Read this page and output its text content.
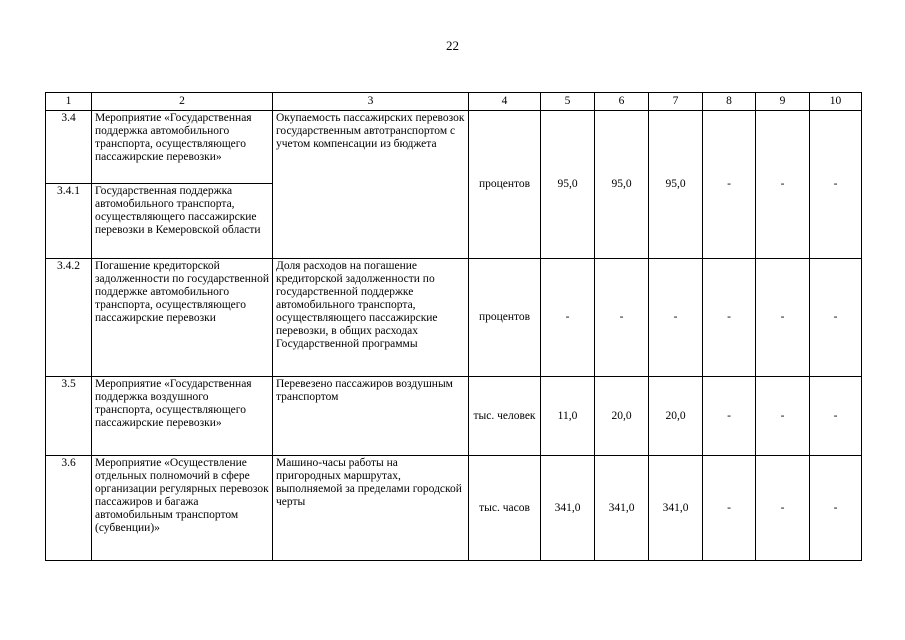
22
1	2	3	4	5	6	7	8	9	10
3.4	Мероприятие «Государственная поддержка автомобильного транспорта, осуществляющего пассажирские перевозки»	Окупаемость пассажирских перевозок государственным автотранспортом с учетом компенсации из бюджета	процентов	95,0	95,0	95,0	-	-	-
3.4.1	Государственная поддержка автомобильного транспорта, осуществляющего пассажирские перевозки в Кемеровской области								
3.4.2	Погашение кредиторской задолженности по государственной поддержке автомобильного транспорта, осуществляющего пассажирские перевозки	Доля расходов на погашение кредиторской задолженности по государственной поддержке автомобильного транспорта, осуществляющего пассажирские перевозки, в общих расходах Государственной программы	процентов	-	-	-	-	-	-
3.5	Мероприятие «Государственная поддержка воздушного транспорта, осуществляющего пассажирские перевозки»	Перевезено пассажиров воздушным транспортом	тыс. человек	11,0	20,0	20,0	-	-	-
3.6	Мероприятие «Осуществление отдельных полномочий в сфере организации регулярных перевозок пассажиров и багажа автомобильным транспортом (субвенции)»	Машино-часы работы на пригородных маршрутах, выполняемой за пределами городской черты	тыс. часов	341,0	341,0	341,0	-	-	-
